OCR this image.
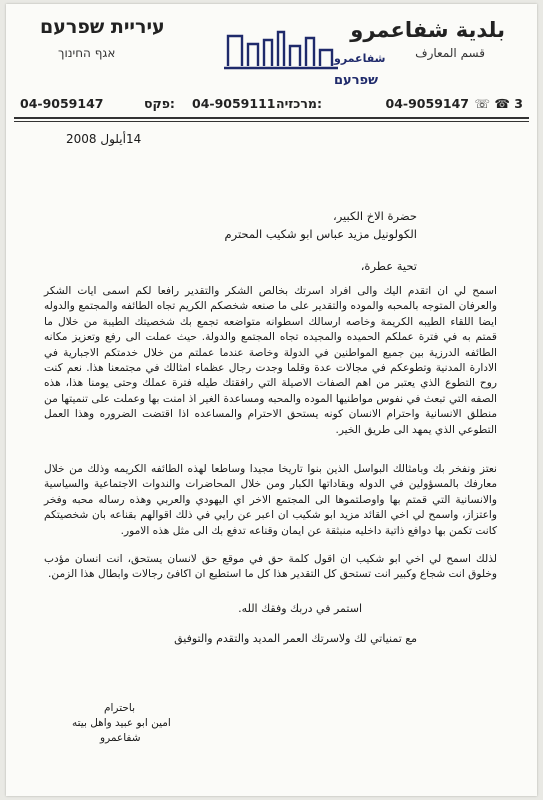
بلدية شفاعمرو
قسم المعارف
עיריית שפרעם
אגף החינוך	شفاعمرو
שפרעם
☏ ☎ 3
04-9059147
מרכזיה:
04-9059111
פקס:
04-9059147
14أيلول 2008
حضرة الاخ الكبير،
الكولونيل مزيد عباس ابو شكيب المحترم
تحية عطرة،
اسمح لي ان اتقدم اليك والى افراد اسرتك بخالص الشكر والتقدير رافعا لكم اسمى ايات الشكر والعرفان المتوجه بالمحبه والموده والتقدير على ما صنعه شخصكم الكريم تجاه الطائفه والمجتمع والدوله ايضا اللقاء الطيبه الكريمة وخاصه ارسالك اسطوانه متواضعه تجمع بك شخصيتك الطيبة من خلال ما قمتم به في فترة عملكم الحميده والمجيده تجاه المجتمع والدولة. حيث عملت الى رفع وتعزيز مكانه الطائفه الدرزية بين جميع المواطنين في الدولة وخاصة عندما عملتم من خلال خدمتكم الاجبارية في الادارة المدنية وتطوعكم في مجالات عدة وقلما وجدت رجال عظماء امثالك في مجتمعنا هذا. نعم كنت روح التطوع الذي يعتبر من اهم الصفات الاصيلة التي رافقتك طيله فترة عملك وحتى يومنا هذا، هذه الصفه التي تبعث في نفوس مواطنيها الموده والمحبه ومساعدة الغير اذ امنت بها وعملت على تنميتها من منطلق الانسانية واحترام الانسان كونه يستحق الاحترام والمساعده اذا اقتضت الضروره وهذا العمل التطوعي الذي يمهد الى طريق الخير.
نعتز ونفخر بك وبامثالك البواسل الذين بنوا تاريخا مجيدا وساطعا لهذه الطائفه الكريمه وذلك من خلال معارفك بالمسؤولين في الدوله وبقاداتها الكبار ومن خلال المحاضرات والندوات الاجتماعية والسياسية والانسانية التي قمتم بها واوصلتموها الى المجتمع الاخر اي اليهودي والعربي وهذه رساله محبه وفخر واعتزاز، واسمح لي اخي القائد مزيد ابو شكيب ان اعبر عن رايي في ذلك اقوالهم بقناعه بان شخصيتكم كانت تكمن بها دوافع ذاتية داخليه منبثقة عن ايمان وقناعه تدفع بك الى مثل هذه الامور.
لذلك اسمح لي اخي ابو شكيب ان اقول كلمة حق في موقع حق لانسان يستحق، انت انسان مؤدب وخلوق انت شجاع وكبير انت تستحق كل التقدير هذا كل ما استطيع ان اكافئ رجالات وابطال هذا الزمن.
استمر في دربك وفقك الله.
مع تمنياتي لك ولاسرتك العمر المديد والتقدم والتوفيق
باحترام
امين ابو عبيد واهل بيته
شفاعمرو
